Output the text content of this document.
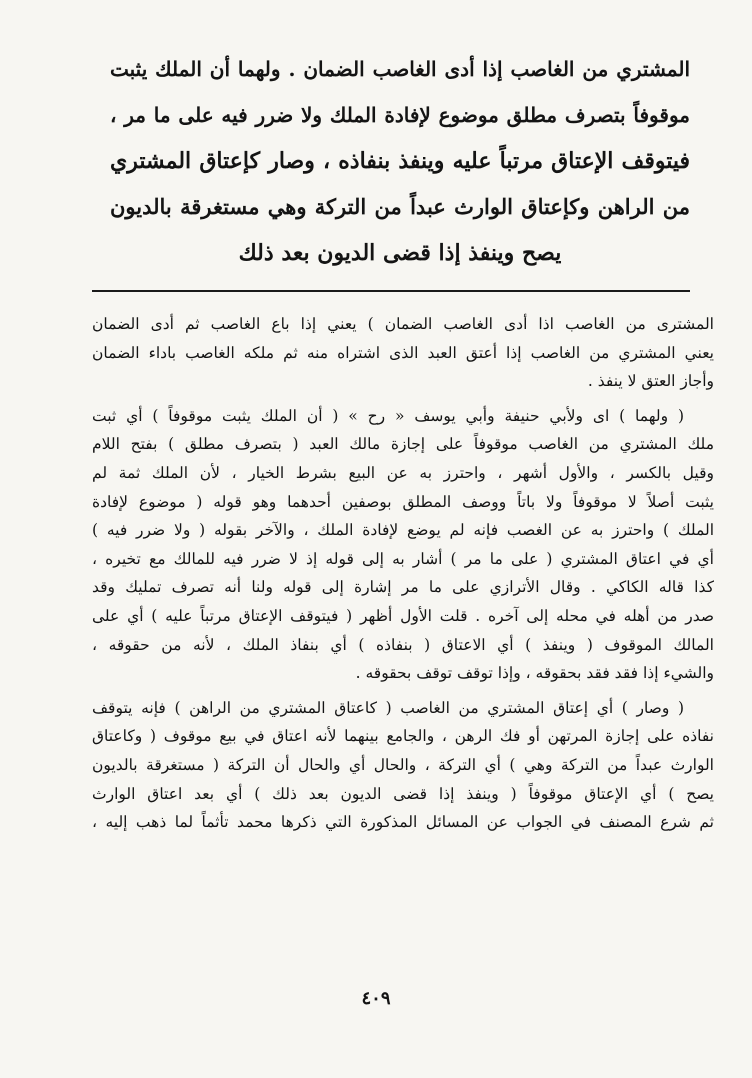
المشتري من الغاصب إذا أدى الغاصب الضمان . ولهما أن الملك يثبت
موقوفاً بتصرف مطلق موضوع لإفادة الملك ولا ضرر فيه على ما مر ،
فيتوقف الإعتاق مرتباً عليه وينفذ بنفاذه ، وصار كإعتاق المشتري
من الراهن وكإعتاق الوارث عبداً من التركة وهي مستغرقة بالديون
يصح وينفذ إذا قضى الديون بعد ذلك
المشترى من الغاصب اذا أدى الغاصب الضمان ) يعني إذا باع الغاصب ثم أدى الضمان
يعني المشتري من الغاصب إذا أعتق العبد الذى اشتراه منه ثم ملكه الغاصب باداء الضمان
وأجاز العتق لا ينفذ .
( ولهما ) اى ولأبي حنيفة وأبي يوسف « رح » ( أن الملك يثبت موقوفاً ) أي ثبت
ملك المشتري من الغاصب موقوفاً على إجازة مالك العبد ( بتصرف مطلق ) بفتح اللام
وقيل بالكسر ، والأول أشهر ، واحترز به عن البيع بشرط الخيار ، لأن الملك ثمة لم
يثبت أصلاً لا موقوفاً ولا باتاً ووصف المطلق بوصفين أحدهما وهو قوله ( موضوع لإفادة
الملك ) واحترز به عن الغصب فإنه لم يوضع لإفادة الملك ، والآخر بقوله ( ولا ضرر فيه )
أي في اعتاق المشتري ( على ما مر ) أشار به إلى قوله إذ لا ضرر فيه للمالك مع تخيره ،
كذا قاله الكاكي . وقال الأترازي على ما مر إشارة إلى قوله ولنا أنه تصرف تمليك وقد
صدر من أهله في محله إلى آخره . قلت الأول أظهر ( فيتوقف الإعتاق مرتباً عليه ) أي على
المالك الموقوف ( وينفذ ) أي الاعتاق ( بنفاذه ) أي بنفاذ الملك ، لأنه من حقوقه ،
والشيء إذا فقد فقد بحقوقه ، وإذا توقف توقف بحقوقه .
( وصار ) أي إعتاق المشتري من الغاصب ( كاعتاق المشتري من الراهن ) فإنه يتوقف
نفاذه على إجازة المرتهن أو فك الرهن ، والجامع بينهما لأنه اعتاق في بيع موقوف ( وكاعتاق
الوارث عبداً من التركة وهي ) أي التركة ، والحال أي والحال أن التركة ( مستغرقة بالديون
يصح ) أي الإعتاق موقوفاً ( وينفذ إذا قضى الديون بعد ذلك ) أي بعد اعتاق الوارث
ثم شرع المصنف في الجواب عن المسائل المذكورة التي ذكرها محمد تأثماً لما ذهب إليه ،
٤٠٩
